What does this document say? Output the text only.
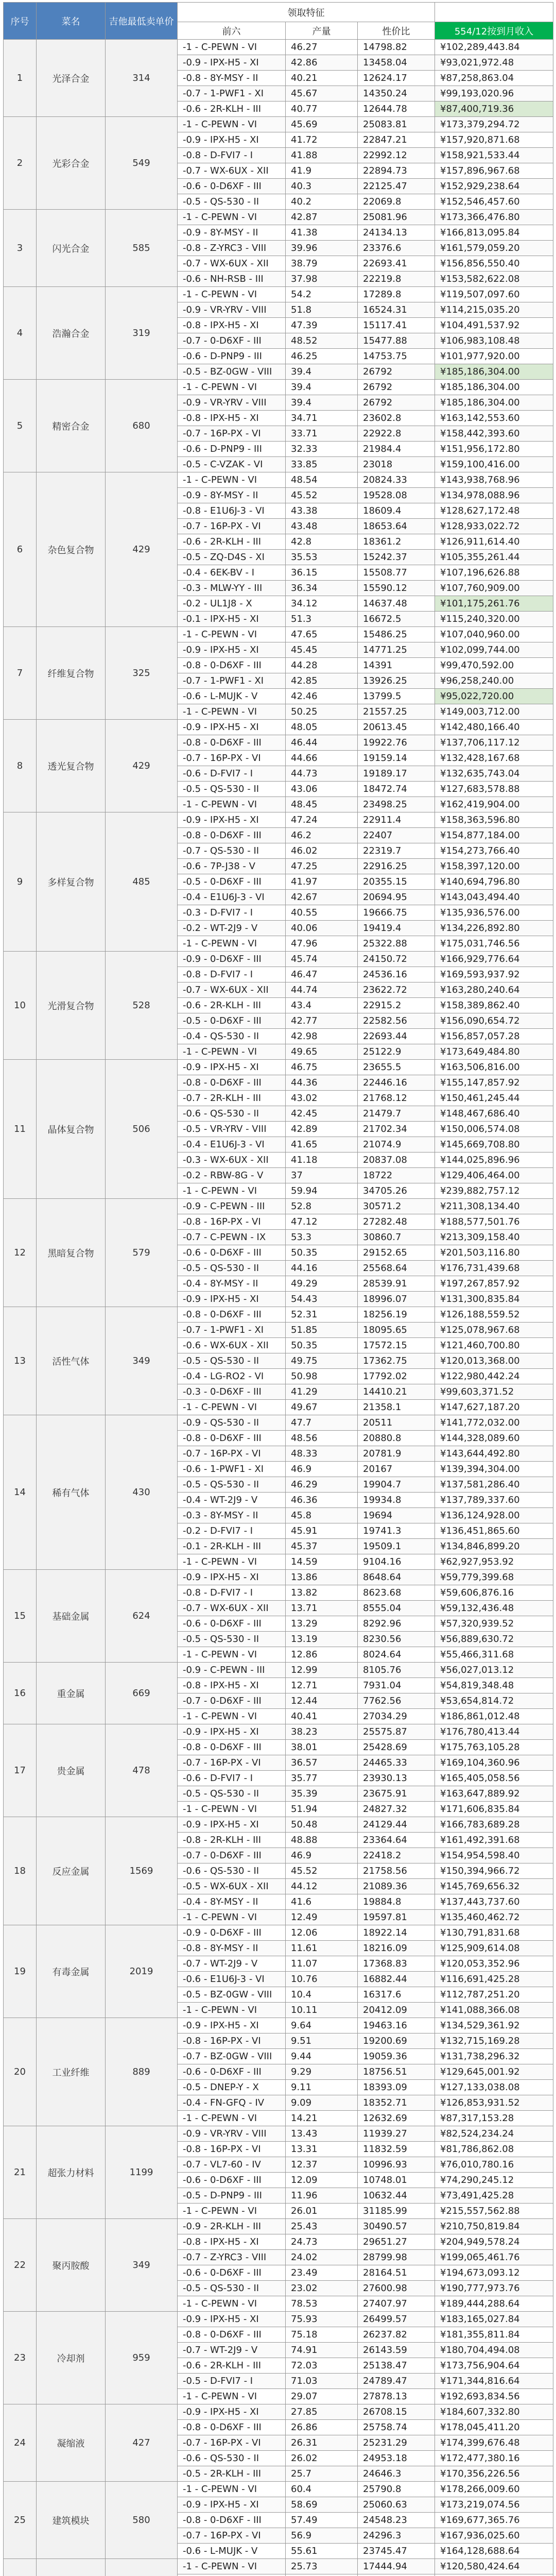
序号	菜名	吉他最低卖单价	领取特征			
			前六	产量	性价比	554/12按到月收入
1	光泽合金	314	-1 - C-PEWN - VI	46.27	14798.82	¥102,289,443.84
			-0.9 - IPX-H5 - XI	42.86	13458.04	¥93,021,972.48
			-0.8 - 8Y-MSY - II	40.21	12624.17	¥87,258,863.04
			-0.7 - 1-PWF1 - XI	45.67	14350.24	¥99,193,020.96
			-0.6 - 2R-KLH - III	40.77	12644.78	¥87,400,719.36
2	光彩合金	549	-1 - C-PEWN - VI	45.69	25083.81	¥173,379,294.72
			-0.9 - IPX-H5 - XI	41.72	22847.21	¥157,920,871.68
			-0.8 - D-FVI7 - I	41.88	22992.12	¥158,921,533.44
			-0.7 - WX-6UX - XII	41.9	22894.73	¥157,896,967.68
			-0.6 - 0-D6XF - III	40.3	22125.47	¥152,929,238.64
			-0.5 - QS-530 - II	40.2	22069.8	¥152,546,457.60
3	闪光合金	585	-1 - C-PEWN - VI	42.87	25081.96	¥173,366,476.80
			-0.9 - 8Y-MSY - II	41.38	24134.13	¥166,813,095.84
			-0.8 - Z-YRC3 - VIII	39.96	23376.6	¥161,579,059.20
			-0.7 - WX-6UX - XII	38.79	22693.41	¥156,856,550.40
			-0.6 - NH-RSB - III	37.98	22219.8	¥153,582,622.08
4	浩瀚合金	319	-1 - C-PEWN - VI	54.2	17289.8	¥119,507,097.60
			-0.9 - VR-YRV - VIII	51.8	16524.31	¥114,215,035.20
			-0.8 - IPX-H5 - XI	47.39	15117.41	¥104,491,537.92
			-0.7 - 0-D6XF - III	48.52	15477.88	¥106,983,108.48
			-0.6 - D-PNP9 - III	46.25	14753.75	¥101,977,920.00
			-0.5 - BZ-0GW - VIII	39.4	26792	¥185,186,304.00
5	精密合金	680	-1 - C-PEWN - VI	39.4	26792	¥185,186,304.00
			-0.9 - VR-YRV - VIII	39.4	26792	¥185,186,304.00
			-0.8 - IPX-H5 - XI	34.71	23602.8	¥163,142,553.60
			-0.7 - 16P-PX - VI	33.71	22922.8	¥158,442,393.60
			-0.6 - D-PNP9 - III	32.33	21984.4	¥151,956,172.80
			-0.5 - C-VZAK - VI	33.85	23018	¥159,100,416.00
6	杂色复合物	429	-1 - C-PEWN - VI	48.54	20824.33	¥143,938,768.96
			-0.9 - 8Y-MSY - II	45.52	19528.08	¥134,978,088.96
			-0.8 - E1U6J-3 - VI	43.38	18609.4	¥128,627,172.48
			-0.7 - 16P-PX - VI	43.48	18653.64	¥128,933,022.72
			-0.6 - 2R-KLH - III	42.8	18361.2	¥126,911,614.40
			-0.5 - ZQ-D4S - XI	35.53	15242.37	¥105,355,261.44
			-0.4 - 6EK-BV - I	36.15	15508.77	¥107,196,626.88
			-0.3 - MLW-YY - III	36.34	15590.12	¥107,760,909.00
			-0.2 - UL1J8 - X	34.12	14637.48	¥101,175,261.76
			-0.1 - IPX-H5 - XI	51.3	16672.5	¥115,240,320.00
7	纤维复合物	325	-1 - C-PEWN - VI	47.65	15486.25	¥107,040,960.00
			-0.9 - IPX-H5 - XI	45.45	14771.25	¥102,099,744.00
			-0.8 - 0-D6XF - III	44.28	14391	¥99,470,592.00
			-0.7 - 1-PWF1 - XI	42.85	13926.25	¥96,258,240.00
			-0.6 - L-MUJK - V	42.46	13799.5	¥95,022,720.00
			-1 - C-PEWN - VI	50.25	21557.25	¥149,003,712.00
8	透光复合物	429	-0.9 - IPX-H5 - XI	48.05	20613.45	¥142,480,166.40
			-0.8 - 0-D6XF - III	46.44	19922.76	¥137,706,117.12
			-0.7 - 16P-PX - VI	44.66	19159.14	¥132,428,167.68
			-0.6 - D-FVI7 - I	44.73	19189.17	¥132,635,743.04
			-0.5 - QS-530 - II	43.06	18472.74	¥127,683,578.88
			-1 - C-PEWN - VI	48.45	23498.25	¥162,419,904.00
9	多样复合物	485	-0.9 - IPX-H5 - XI	47.24	22911.4	¥158,363,596.80
			-0.8 - 0-D6XF - III	46.2	22407	¥154,877,184.00
			-0.7 - QS-530 - II	46.02	22319.7	¥154,273,766.40
			-0.6 - 7P-J38 - V	47.25	22916.25	¥158,397,120.00
			-0.5 - 0-D6XF - III	41.97	20355.15	¥140,694,796.80
			-0.4 - E1U6J-3 - VI	42.67	20694.95	¥143,043,494.40
			-0.3 - D-FVI7 - I	40.55	19666.75	¥135,936,576.00
			-0.2 - WT-2J9 - V	40.06	19419.4	¥134,226,892.80
			-1 - C-PEWN - VI	47.96	25322.88	¥175,031,746.56
10	光滑复合物	528	-0.9 - 0-D6XF - III	45.74	24150.72	¥166,929,776.64
			-0.8 - D-FVI7 - I	46.47	24536.16	¥169,593,937.92
			-0.7 - WX-6UX - XII	44.74	23622.72	¥163,280,240.64
			-0.6 - 2R-KLH - III	43.4	22915.2	¥158,389,862.40
			-0.5 - 0-D6XF - III	42.77	22582.56	¥156,090,654.72
			-0.4 - QS-530 - II	42.98	22693.44	¥156,857,057.28
			-1 - C-PEWN - VI	49.65	25122.9	¥173,649,484.80
11	晶体复合物	506	-0.9 - IPX-H5 - XI	46.75	23655.5	¥163,506,816.00
			-0.8 - 0-D6XF - III	44.36	22446.16	¥155,147,857.92
			-0.7 - 2R-KLH - III	43.02	21768.12	¥150,461,245.44
			-0.6 - QS-530 - II	42.45	21479.7	¥148,467,686.40
			-0.5 - VR-YRV - VIII	42.89	21702.34	¥150,006,574.08
			-0.4 - E1U6J-3 - VI	41.65	21074.9	¥145,669,708.80
			-0.3 - WX-6UX - XII	41.18	20837.08	¥144,025,896.96
			-0.2 - RBW-8G - V	37	18722	¥129,406,464.00
			-1 - C-PEWN - VI	59.94	34705.26	¥239,882,757.12
12	黑暗复合物	579	-0.9 - C-PEWN - III	52.8	30571.2	¥211,308,134.40
			-0.8 - 16P-PX - VI	47.12	27282.48	¥188,577,501.76
			-0.7 - C-PEWN - IX	53.3	30860.7	¥213,309,158.40
			-0.6 - 0-D6XF - III	50.35	29152.65	¥201,503,116.80
			-0.5 - QS-530 - II	44.16	25568.64	¥176,731,439.68
			-0.4 - 8Y-MSY - II	49.29	28539.91	¥197,267,857.92
			-0.9 - IPX-H5 - XI	54.43	18996.07	¥131,300,835.84
13	活性气体	349	-0.8 - 0-D6XF - III	52.31	18256.19	¥126,188,559.52
			-0.7 - 1-PWF1 - XI	51.85	18095.65	¥125,078,967.68
			-0.6 - WX-6UX - XII	50.35	17572.15	¥121,460,700.80
			-0.5 - QS-530 - II	49.75	17362.75	¥120,013,368.00
			-0.4 - LG-RO2 - VI	50.98	17792.02	¥122,980,442.24
			-0.3 - 0-D6XF - III	41.29	14410.21	¥99,603,371.52
			-1 - C-PEWN - VI	49.67	21358.1	¥147,627,187.20
14	稀有气体	430	-0.9 - QS-530 - II	47.7	20511	¥141,772,032.00
			-0.8 - 0-D6XF - III	48.56	20880.8	¥144,328,089.60
			-0.7 - 16P-PX - VI	48.33	20781.9	¥143,644,492.80
			-0.6 - 1-PWF1 - XI	46.9	20167	¥139,394,304.00
			-0.5 - QS-530 - II	46.29	19904.7	¥137,581,286.40
			-0.4 - WT-2J9 - V	46.36	19934.8	¥137,789,337.60
			-0.3 - 8Y-MSY - II	45.8	19694	¥136,124,928.00
			-0.2 - D-FVI7 - I	45.91	19741.3	¥136,451,865.60
			-0.1 - 2R-KLH - III	45.37	19509.1	¥134,846,899.20
			-1 - C-PEWN - VI	14.59	9104.16	¥62,927,953.92
15	基础金属	624	-0.9 - IPX-H5 - XI	13.86	8648.64	¥59,779,399.68
			-0.8 - D-FVI7 - I	13.82	8623.68	¥59,606,876.16
			-0.7 - WX-6UX - XII	13.71	8555.04	¥59,132,436.48
			-0.6 - 0-D6XF - III	13.29	8292.96	¥57,320,939.52
			-0.5 - QS-530 - II	13.19	8230.56	¥56,889,630.72
			-1 - C-PEWN - VI	12.86	8024.64	¥55,466,311.68
16	重金属	669	-0.9 - C-PEWN - III	12.99	8105.76	¥56,027,013.12
			-0.8 - IPX-H5 - XI	12.71	7931.04	¥54,819,348.48
			-0.7 - 0-D6XF - III	12.44	7762.56	¥53,654,814.72
			-1 - C-PEWN - VI	40.41	27034.29	¥186,861,012.48
17	贵金属	478	-0.9 - IPX-H5 - XI	38.23	25575.87	¥176,780,413.44
			-0.8 - 0-D6XF - III	38.01	25428.69	¥175,763,105.28
			-0.7 - 16P-PX - VI	36.57	24465.33	¥169,104,360.96
			-0.6 - D-FVI7 - I	35.77	23930.13	¥165,405,058.56
			-0.5 - QS-530 - II	35.39	23675.91	¥163,647,889.92
			-1 - C-PEWN - VI	51.94	24827.32	¥171,606,835.84
18	反应金属	1569	-0.9 - IPX-H5 - XI	50.48	24129.44	¥166,783,689.28
			-0.8 - 2R-KLH - III	48.88	23364.64	¥161,492,391.68
			-0.7 - 0-D6XF - III	46.9	22418.2	¥154,954,598.40
			-0.6 - QS-530 - II	45.52	21758.56	¥150,394,966.72
			-0.5 - WX-6UX - XII	44.12	21089.36	¥145,769,656.32
			-0.4 - 8Y-MSY - II	41.6	19884.8	¥137,443,737.60
			-1 - C-PEWN - VI	12.49	19597.81	¥135,460,462.72
19	有毒金属	2019	-0.9 - 0-D6XF - III	12.06	18922.14	¥130,791,831.68
			-0.8 - 8Y-MSY - II	11.61	18216.09	¥125,909,614.08
			-0.7 - WT-2J9 - V	11.07	17368.83	¥120,053,352.96
			-0.6 - E1U6J-3 - VI	10.76	16882.44	¥116,691,425.28
			-0.5 - BZ-0GW - VIII	10.4	16317.6	¥112,787,251.20
			-1 - C-PEWN - VI	10.11	20412.09	¥141,088,366.08
20	工业纤维	889	-0.9 - IPX-H5 - XI	9.64	19463.16	¥134,529,361.92
			-0.8 - 16P-PX - VI	9.51	19200.69	¥132,715,169.28
			-0.7 - BZ-0GW - VIII	9.44	19059.36	¥131,738,296.32
			-0.6 - 0-D6XF - III	9.29	18756.51	¥129,645,001.92
			-0.5 - DNEP-Y - X	9.11	18393.09	¥127,133,038.08
			-0.4 - FN-GFQ - IV	9.09	18352.71	¥126,853,931.52
			-1 - C-PEWN - VI	14.21	12632.69	¥87,317,153.28
21	超张力材料	1199	-0.9 - VR-YRV - VIII	13.43	11939.27	¥82,524,234.24
			-0.8 - 16P-PX - VI	13.31	11832.59	¥81,786,862.08
			-0.7 - VL7-60 - IV	12.37	10996.93	¥76,010,780.16
			-0.6 - 0-D6XF - III	12.09	10748.01	¥74,290,245.12
			-0.5 - D-PNP9 - III	11.96	10632.44	¥73,491,425.28
			-1 - C-PEWN - VI	26.01	31185.99	¥215,557,562.88
22	聚丙胺酸	349	-0.9 - 2R-KLH - III	25.43	30490.57	¥210,750,819.84
			-0.8 - IPX-H5 - XI	24.73	29651.27	¥204,949,578.24
			-0.7 - Z-YRC3 - VIII	24.02	28799.98	¥199,065,461.76
			-0.6 - 0-D6XF - III	23.49	28164.51	¥194,673,093.12
			-0.5 - QS-530 - II	23.02	27600.98	¥190,777,973.76
			-1 - C-PEWN - VI	78.53	27407.97	¥189,444,288.64
23	冷却剂	959	-0.9 - IPX-H5 - XI	75.93	26499.57	¥183,165,027.84
			-0.8 - 0-D6XF - III	75.18	26237.82	¥181,355,811.84
			-0.7 - WT-2J9 - V	74.91	26143.59	¥180,704,494.08
			-0.6 - 2R-KLH - III	72.03	25138.47	¥173,756,904.64
			-0.5 - D-FVI7 - I	71.03	24789.47	¥171,344,816.64
			-1 - C-PEWN - VI	29.07	27878.13	¥192,693,834.56
24	凝缩液	427	-0.9 - IPX-H5 - XI	27.85	26708.15	¥184,607,332.80
			-0.8 - 0-D6XF - III	26.86	25758.74	¥178,045,411.20
			-0.7 - 16P-PX - VI	26.31	25231.29	¥174,399,676.48
			-0.6 - QS-530 - II	26.02	24953.18	¥172,477,380.16
			-0.5 - 2R-KLH - III	25.7	24646.3	¥170,356,226.56
25	建筑模块	580	-1 - C-PEWN - VI	60.4	25790.8	¥178,266,009.60
			-0.9 - IPX-H5 - XI	58.69	25060.63	¥173,219,074.56
			-0.8 - 0-D6XF - III	57.49	24548.23	¥169,677,365.76
			-0.7 - 16P-PX - VI	56.9	24296.3	¥167,936,025.60
			-0.6 - L-MUJK - V	55.61	23745.47	¥164,128,688.64
			-1 - C-PEWN - VI	25.73	17444.94	¥120,580,424.64
